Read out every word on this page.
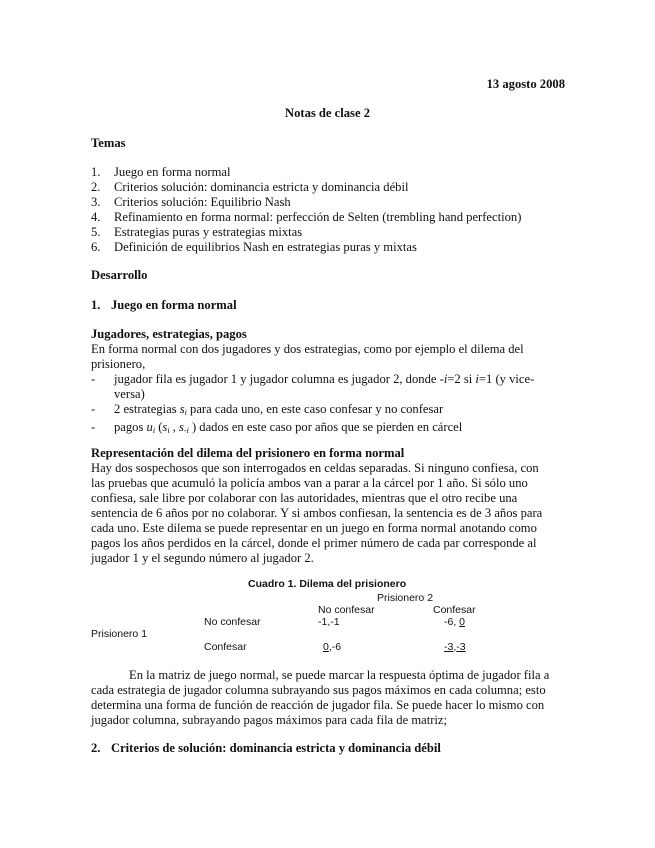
13 agosto 2008
Notas de clase 2
Temas
1. Juego en forma normal
2. Criterios solución: dominancia estricta y dominancia débil
3. Criterios solución: Equilibrio Nash
4. Refinamiento en forma normal: perfección de Selten (trembling hand perfection)
5. Estrategias puras y estrategias mixtas
6. Definición de equilibrios Nash en estrategias puras y mixtas
Desarrollo
1. Juego en forma normal
Jugadores, estrategias, pagos
En forma normal con dos jugadores y dos estrategias, como por ejemplo el dilema del
prisionero,
- jugador fila es jugador 1 y jugador columna es jugador 2, donde -i=2 si i=1 (y vice-
versa)
- 2 estrategias $s_i$ para cada uno, en este caso confesar y no confesar
- pagos $u_i$ ($s_i$ , $s_{-i}$ ) dados en este caso por años que se pierden en cárcel
Representación del dilema del prisionero en forma normal
Hay dos sospechosos que son interrogados en celdas separadas. Si ninguno confiesa, con
las pruebas que acumuló la policía ambos van a parar a la cárcel por 1 año. Si sólo uno
confiesa, sale libre por colaborar con las autoridades, mientras que el otro recibe una
sentencia de 6 años por no colaborar. Y si ambos confiesan, la sentencia es de 3 años para
cada uno. Este dilema se puede representar en un juego en forma normal anotando como
pagos los años perdidos en la cárcel, donde el primer número de cada par corresponde al
jugador 1 y el segundo número al jugador 2.
Cuadro 1. Dilema del prisionero
Prisionero 2
No confesar	Confesar
No confesar	-1,-1	-6, 0
Prisionero 1
Confesar	0,-6	-3,-3
En la matriz de juego normal, se puede marcar la respuesta óptima de jugador fila a
cada estrategia de jugador columna subrayando sus pagos máximos en cada columna; esto
determina una forma de función de reacción de jugador fila. Se puede hacer lo mismo con
jugador columna, subrayando pagos máximos para cada fila de matriz;
2. Criterios de solución: dominancia estricta y dominancia débil
